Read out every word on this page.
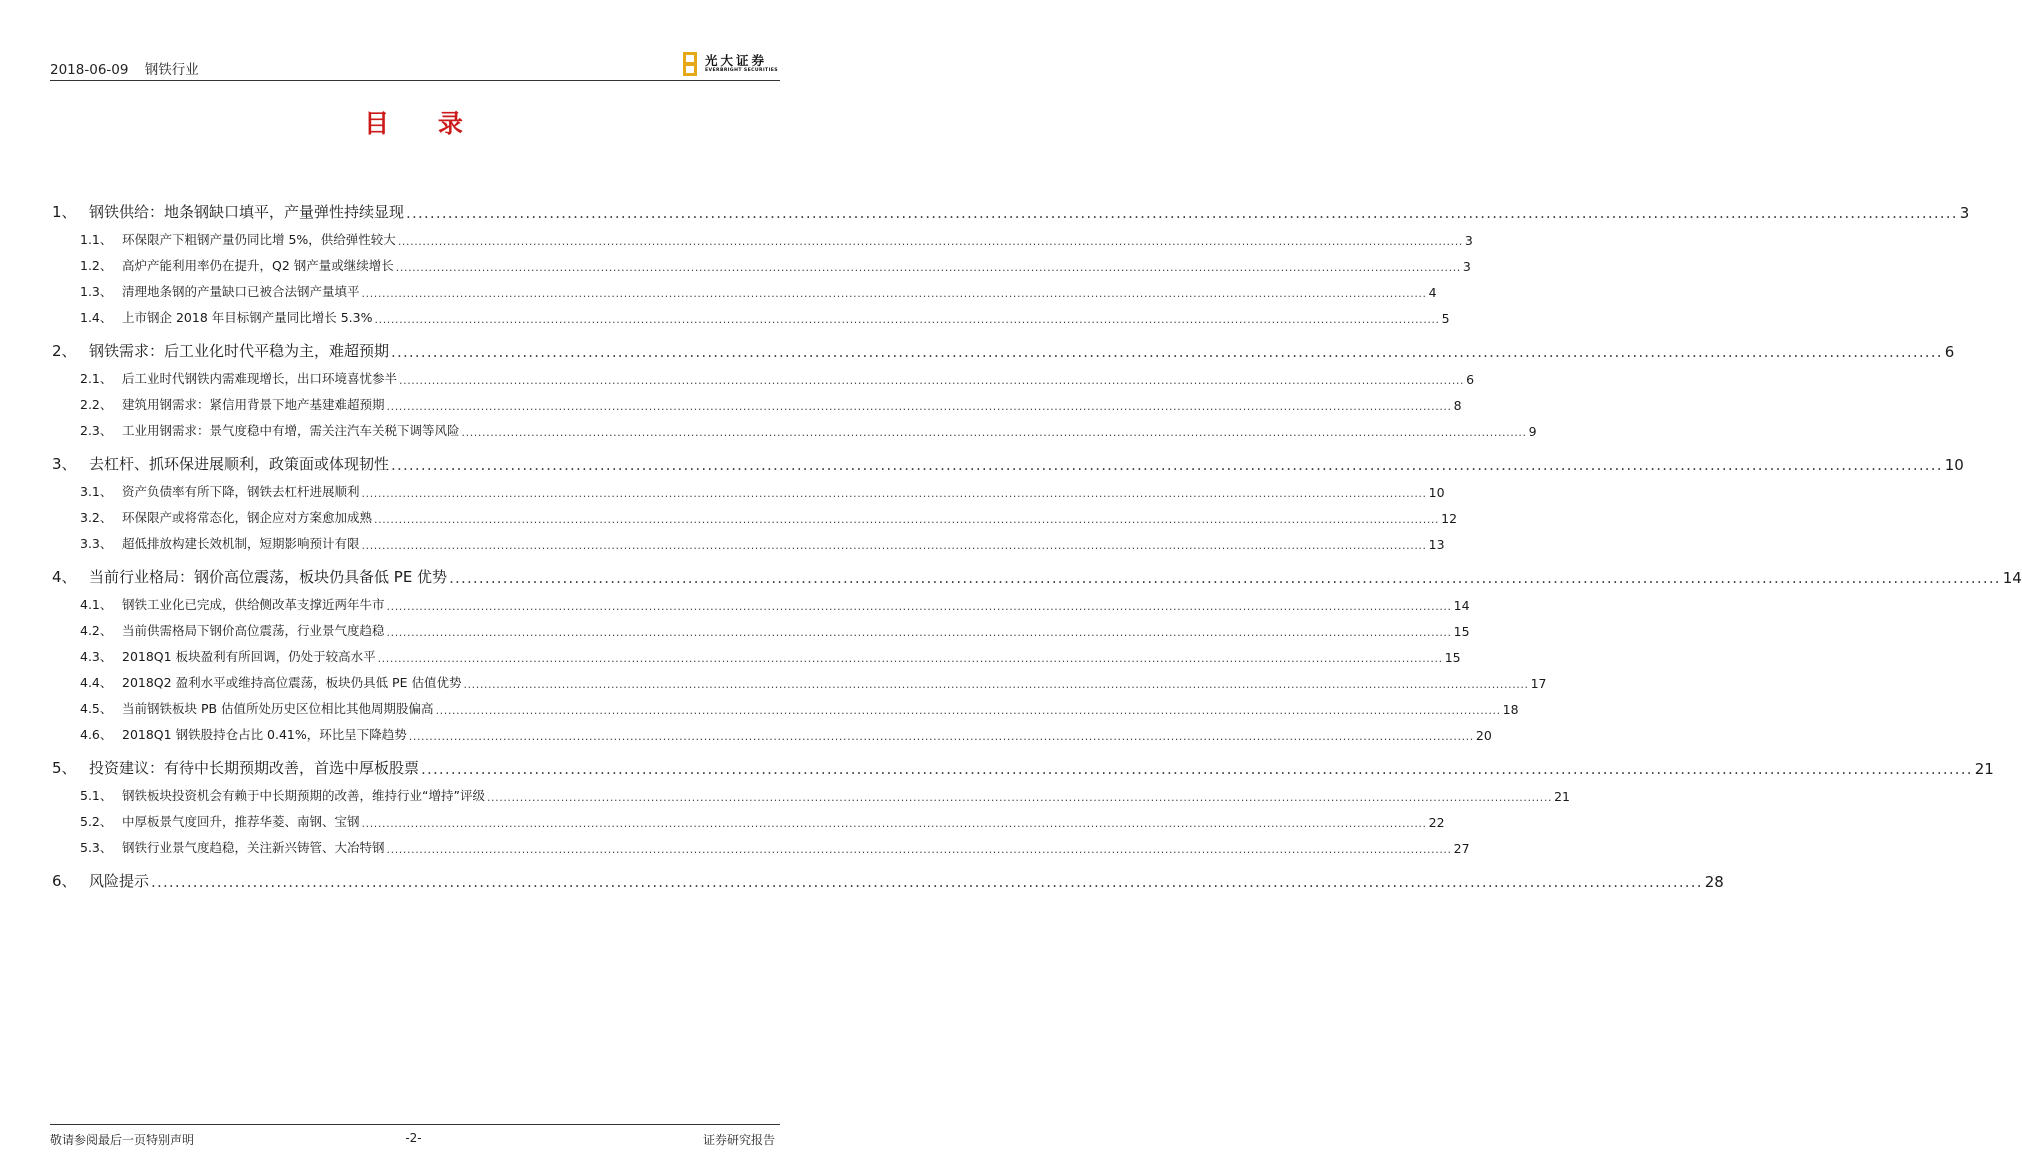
2018-06-09 钢铁行业
光大证券
EVERBRIGHT SECURITIES
目 录
1、 钢铁供给：地条钢缺口填平，产量弹性持续显现 .................................................................................................................................................................................................................................................................... 3
1.1、 环保限产下粗钢产量仍同比增 5%，供给弹性较大 .................................................................................................................................................................................................................................................................... 3
1.2、 高炉产能利用率仍在提升，Q2 钢产量或继续增长 .................................................................................................................................................................................................................................................................... 3
1.3、 清理地条钢的产量缺口已被合法钢产量填平 .................................................................................................................................................................................................................................................................... 4
1.4、 上市钢企 2018 年目标钢产量同比增长 5.3% .................................................................................................................................................................................................................................................................... 5
2、 钢铁需求：后工业化时代平稳为主，难超预期 .................................................................................................................................................................................................................................................................... 6
2.1、 后工业时代钢铁内需难现增长，出口环境喜忧参半 .................................................................................................................................................................................................................................................................... 6
2.2、 建筑用钢需求：紧信用背景下地产基建难超预期 .................................................................................................................................................................................................................................................................... 8
2.3、 工业用钢需求：景气度稳中有增，需关注汽车关税下调等风险 .................................................................................................................................................................................................................................................................... 9
3、 去杠杆、抓环保进展顺利，政策面或体现韧性 .................................................................................................................................................................................................................................................................... 10
3.1、 资产负债率有所下降，钢铁去杠杆进展顺利 .................................................................................................................................................................................................................................................................... 10
3.2、 环保限产或将常态化，钢企应对方案愈加成熟 .................................................................................................................................................................................................................................................................... 12
3.3、 超低排放构建长效机制，短期影响预计有限 .................................................................................................................................................................................................................................................................... 13
4、 当前行业格局：钢价高位震荡，板块仍具备低 PE 优势 .................................................................................................................................................................................................................................................................... 14
4.1、 钢铁工业化已完成，供给侧改革支撑近两年牛市 .................................................................................................................................................................................................................................................................... 14
4.2、 当前供需格局下钢价高位震荡，行业景气度趋稳 .................................................................................................................................................................................................................................................................... 15
4.3、 2018Q1 板块盈利有所回调，仍处于较高水平 .................................................................................................................................................................................................................................................................... 15
4.4、 2018Q2 盈利水平或维持高位震荡，板块仍具低 PE 估值优势 .................................................................................................................................................................................................................................................................... 17
4.5、 当前钢铁板块 PB 估值所处历史区位相比其他周期股偏高 .................................................................................................................................................................................................................................................................... 18
4.6、 2018Q1 钢铁股持仓占比 0.41%，环比呈下降趋势 .................................................................................................................................................................................................................................................................... 20
5、 投资建议：有待中长期预期改善，首选中厚板股票 .................................................................................................................................................................................................................................................................... 21
5.1、 钢铁板块投资机会有赖于中长期预期的改善，维持行业“增持”评级 .................................................................................................................................................................................................................................................................... 21
5.2、 中厚板景气度回升，推荐华菱、南钢、宝钢 .................................................................................................................................................................................................................................................................... 22
5.3、 钢铁行业景气度趋稳，关注新兴铸管、大冶特钢 .................................................................................................................................................................................................................................................................... 27
6、 风险提示 .................................................................................................................................................................................................................................................................... 28
敬请参阅最后一页特别声明	-2-	证券研究报告
